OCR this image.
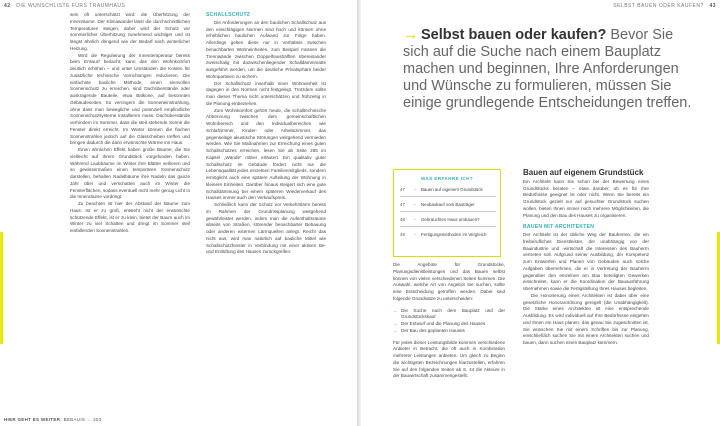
42 DIE WUNSCHLISTE FÜRS TRAUMHAUS

sein oft unterschätzt wird: die Überhitzung der Innenräume. Der Klimawandel lässt die durchschnittlichen Temperaturen steigen, daher wird der Schutz vor sommerlicher Überhitzung zunehmend wichtiger und ist längst ähnlich dringend wie der Bedarf nach winterlicher Heizung.

Wird die Regulierung der Innentemperatur bereits beim Entwurf bedacht, kann das den Wohnkomfort deutlich erhöhen – und unter Umständen die Kosten für zusätzliche technische Vorrichtungen reduzieren. Die einfachste bauliche Methode, einen sinnvollen Sonnenschutz zu erreichen, sind Dachüberstände oder auskragende Bauteile, etwa Balkone, auf besonnten Gebäudeseiten. So verringern die Sonneneinstrahlung, ohne dass man bewegliche und potenziell empfindliche Sonnenschutzsysteme installieren muss. Dachüberstände verhindern im Sommer, dass die steil stehende Sonne die Fenster direkt erreicht. Im Winter können die flachen Sonnenstrahlen jedoch auf die Glasscheiben treffen und bringen dadurch die dann erwünschte Wärme ins Haus.

Einen ähnlichen Effekt haben große Bäume, die Sie vielleicht auf Ihrem Grundstück vorgefunden haben. Während Laubbäume im Winter ihre Blätter verlieren und so gewissermaßen einen temporären Sonnenschutz darstellen, behalten Nadelbäume ihre Nadeln das ganze Jahr über und verschatten auch im Winter die Fensterflächen, sodass eventuell nicht mehr genug Licht in die Innenräume vordringt.

Zu beachten ist hier der Abstand der Bäume zum Haus: Ist er zu groß, entsteht nicht der erwünschte schützende Effekt, ist er zu klein, bietet der Baum auch im Winter zu viel Schatten und dringt im Sommer steil einfallenden Sonnenstrahlen.

SCHALLSCHUTZ

Die Anforderungen an den baulichen Schallschutz aus den einschlägigen Normen sind hoch und können ohne erheblichen baulichen Aufwand zur Folge haben. Allerdings gelten diese nur in Verhältnis zwischen benachbarten Wohneinheiten, zum Beispiel müssen die Trennwände zwischen Doppelhaushälften übereinander zweischalig mit dazwischenliegender Schalldämmmatte ausgeführt werden, um die deutliche Privatsphäre beider Wohnparteien zu sichern.

Der Schallschutz innerhalb einer Wohneinheit ist dagegen in den Normen nicht festgelegt. Trotzdem sollte man dieses Thema nicht unterschätzen und frühzeitig in die Planung einbeziehen.

Zum Wohnkomfort gehört heute, die schalltechnische Abtrennung zwischen dem gemeinschaftlichen Wohnbereich und den Individualbereichen wie Schlafzimmer, Kinder- oder Arbeitszimmer, das gegenseitige akustische Störungen weitgehend vermieden werden. Wie Sie Maßnahmen zur Erreichung eines guten Schallschutzes erreichen, lesen Sie ab Seite 285 im Kapitel „Wände“ näher erläutert. Ein qualitativ guter Schallschutz im Gebäude fördert nicht nur die Lebensqualität jedes einzelnen Familienmitglieds, sondern ermöglicht auch eine spätere Aufteilung der Wohnung in kleinere Einheiten. Darüber hinaus steigert sich eine gute Schalldämmung bei einem späteren Wiederverkauf des Hauses immer auch den Verkaufspreis.

Schließlich kann der Schutz vor Verkehrslärm bereits im Rahmen der Grundrissplanung weitgehend gewährleistet werden, indem man die Aufenthaltsräume abseits von Straßen, störender benachbarter Bebauung oder anderen externen Lärmquellen anlegt. Reicht das nicht aus, wird man natürlich auf bauliche Mittel wie Schallschutzfenster in Verbindung mit einer aktiven Be- und Entlüftung des Hauses zurückgreifen.

HIER GEHT ES WEITER: BEBAUIS → 203
SELBST BAUEN ODER KAUFEN? 43
→ Selbst bauen oder kaufen? Bevor Sie sich auf die Suche nach einem Bauplatz machen und beginnen, Ihre Anforderungen und Wünsche zu formulieren, müssen Sie einige grundlegende Entscheidungen treffen.
WAS ERFAHRE ICH?
47	→ Bauen auf eigenem Grundstück
47	→ Neubaukauf vom Bauträger
48	→ Gebrauchtes Haus umbauen?
49	→ Fertigungsmethoden im Vergleich

Die Angebote für Grundstücke, Planungsdienstleistungen und das Bauen selbst können von vielen verschiedenen Seiten kommen. Die Auswahl, welche Art von Angebot Sie suchen, sollte eine Entscheidung getroffen werden. Dabei sind folgende Grundsätze zu unterscheiden:

→ Die Suche nach dem Bauplatz und der Grundstückskauf
→ Der Entwurf und die Planung des Hauses
→ Der Bau des geplanten Hauses

Für jedes dieser Leistungsbilde kommen verschiedene Anbieter in Betracht, die oft auch in Kombination mehrerer Leistungen anbieten. Um gleich zu Beginn die wichtigsten Bezeichnungen klarzustellen, erfahren Sie auf den folgenden Seiten ab S. 44 die Akteure in der Bauwirtschaft zusammengestellt.

Bauen auf eigenem Grundstück

Ein Architekt kann Sie schon bei der Bewertung eines Grundstücks beraten – etwa darüber, ob es für Ihre Bedürfnisse geeignet ist oder nicht. Wenn Sie bereits ein Grundstück gezielt nur auf gesuchter Grundstück suchen wollen, bieten Ihnen immer noch mehrere Möglichkeiten, die Planung und den Bau des Hauses zu organisieren.

BAUEN MIT ARCHITEKTEN

Der Architekt ist der übliche Weg der Bauherren, die ein freiberufliches Dienstleister, der unabhängig von der Bauindustrie und -wirtschaft die Interessen des Bauherrn vertreten soll. Aufgrund seiner Ausbildung, der Kompetenz zum Entwerfen und Planen von Gebäuden auch solche Aufgaben übernehmen, die er in Vertretung der Bauherrn gegenüber den einzelnen am Bau beteiligten Gewerken einschreitet, kann er die Koordination der Bauausführung übernehmen sowie die Fertigstellung Ihres Hauses begleiten.

Die Honorierung eines Architekten ist dabei über eine gesetzliche Honorarordnung geregelt (die Unabhängigkeit). Die Stärke eines Architekten ist eine entsprechende Ausbildung. Es wird individuell auf Ihre Bedürfnisse eingehen und Ihnen ein Haus planen, das genau Sie zugeschnitten ist. Sie wünschen Sie mit einem Schriften bis zur Planung, einschließlich suchen Sie mit einem Architekten suchen und bauen, dann suchen einen Bauplatz kümmern.
